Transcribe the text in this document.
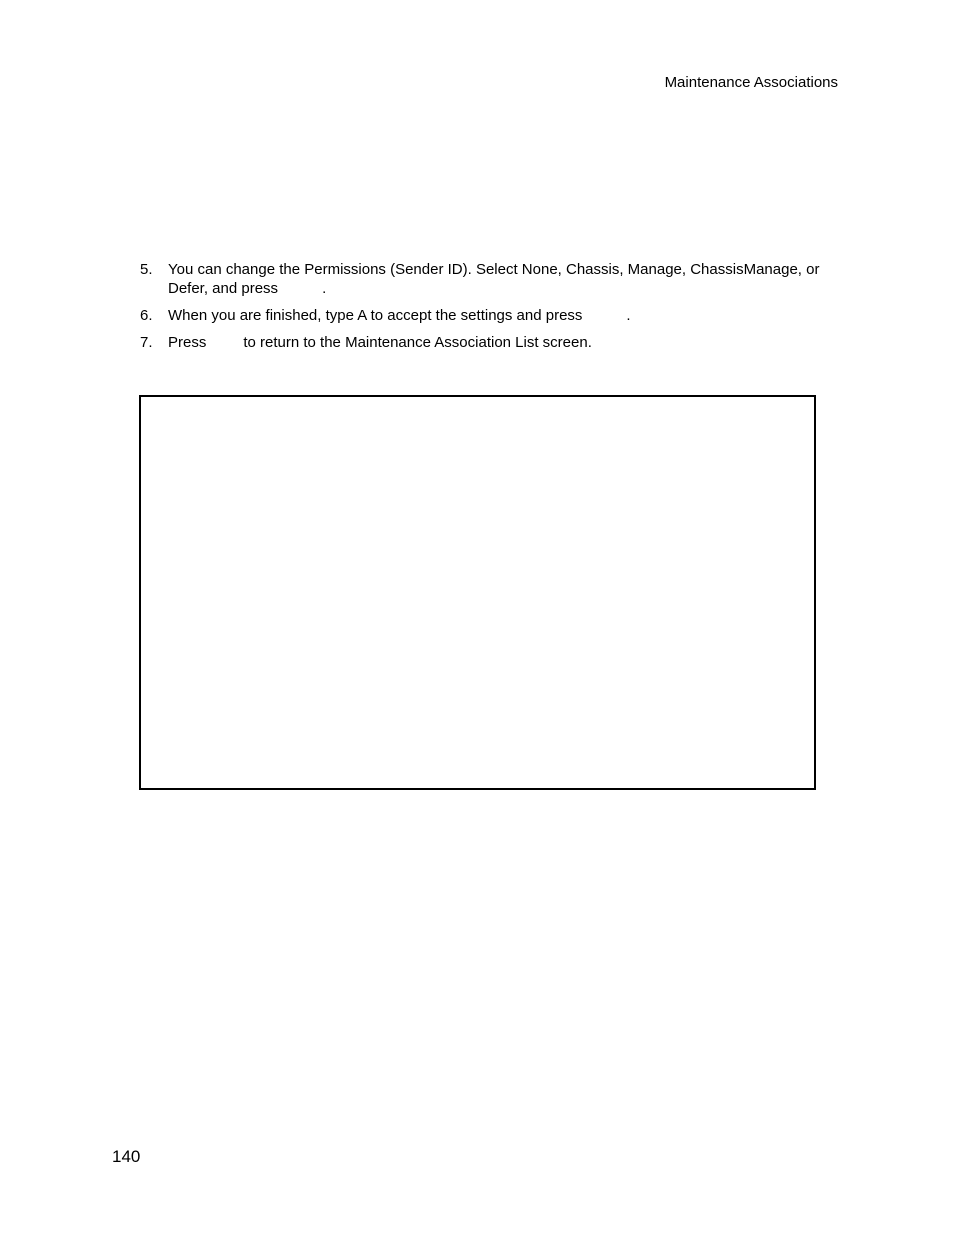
Maintenance Associations
5. You can change the Permissions (Sender ID). Select None, Chassis, Manage, ChassisManage, or Defer, and press	.
6. When you are finished, type A to accept the settings and press	.
7. Press to return to the Maintenance Association List screen.
140
